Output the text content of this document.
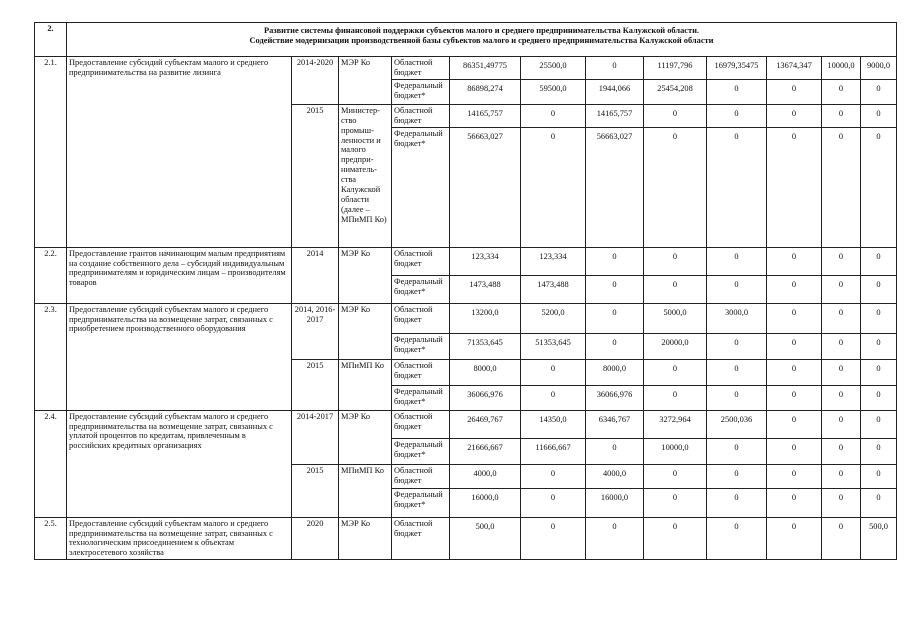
2.	Развитие системы финансовой поддержки субъектов малого и среднего предпринимательства Калужской области.
Содействие модернизации производственной базы субъектов малого и среднего предпринимательства Калужской области											

2.1.	Предоставление субсидий субъектам малого и среднего предпринимательства на развитие лизинга	2014-2020	МЭР Ко	Областной бюджет	86351,49775	25500,0	0	11197,796	16979,35475	13674,347	10000,0	9000,0
				Федеральный бюджет*	86898,274	59500,0	1944,066	25454,208	0	0	0	0
		2015	Министер-ство промыш-ленности и малого предпри-ниматель-ства Калужской области (далее – МПиМП Ко)	Областной бюджет	14165,757	0	14165,757	0	0	0	0	0
				Федеральный бюджет*	56663,027	0	56663,027	0	0	0	0	0
2.2.	Предоставление грантов начинающим малым предприятиям на создание собственного дела – субсидий индивидуальным предпринимателям и юридическим лицам – производителям товаров	2014	МЭР Ко	Областной бюджет	123,334	123,334	0	0	0	0	0	0
				Федеральный бюджет*	1473,488	1473,488	0	0	0	0	0	0
2.3.	Предоставление субсидий субъектам малого и среднего предпринимательства на возмещение затрат, связанных с приобретением производственного оборудования	2014, 2016-2017	МЭР Ко	Областной бюджет	13200,0	5200,0	0	5000,0	3000,0	0	0	0
				Федеральный бюджет*	71353,645	51353,645	0	20000,0	0	0	0	0
		2015	МПиМП Ко	Областной бюджет	8000,0	0	8000,0	0	0	0	0	0
				Федеральный бюджет*	36066,976	0	36066,976	0	0	0	0	0
2.4.	Предоставление субсидий субъектам малого и среднего предпринимательства на возмещение затрат, связанных с уплатой процентов по кредитам, привлеченным в российских кредитных организациях	2014-2017	МЭР Ко	Областной бюджет	26469,767	14350,0	6346,767	3272,964	2500,036	0	0	0
				Федеральный бюджет*	21666,667	11666,667	0	10000,0	0	0	0	0
		2015	МПиМП Ко	Областной бюджет	4000,0	0	4000,0	0	0	0	0	0
				Федеральный бюджет*	16000,0	0	16000,0	0	0	0	0	0
2.5.	Предоставление субсидий субъектам малого и среднего предпринимательства на возмещение затрат, связанных с технологическим присоединением к объектам электросетевого хозяйства	2020	МЭР Ко	Областной бюджет	500,0	0	0	0	0	0	0	500,0
